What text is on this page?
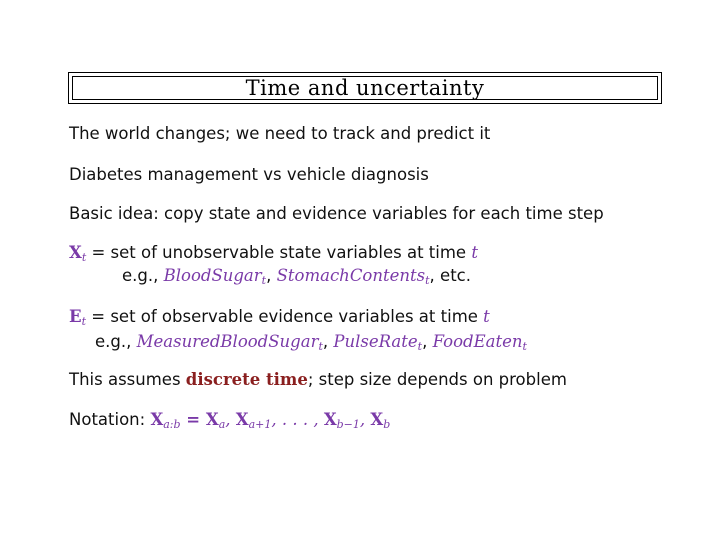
Time and uncertainty
The world changes; we need to track and predict it
Diabetes management vs vehicle diagnosis
Basic idea: copy state and evidence variables for each time step
Xt = set of unobservable state variables at time t
e.g., BloodSugart, StomachContentst, etc.
Et = set of observable evidence variables at time t
e.g., MeasuredBloodSugart, PulseRatet, FoodEatent
This assumes discrete time; step size depends on problem
Notation: Xa:b = Xa, Xa+1, . . . , Xb−1, Xb
